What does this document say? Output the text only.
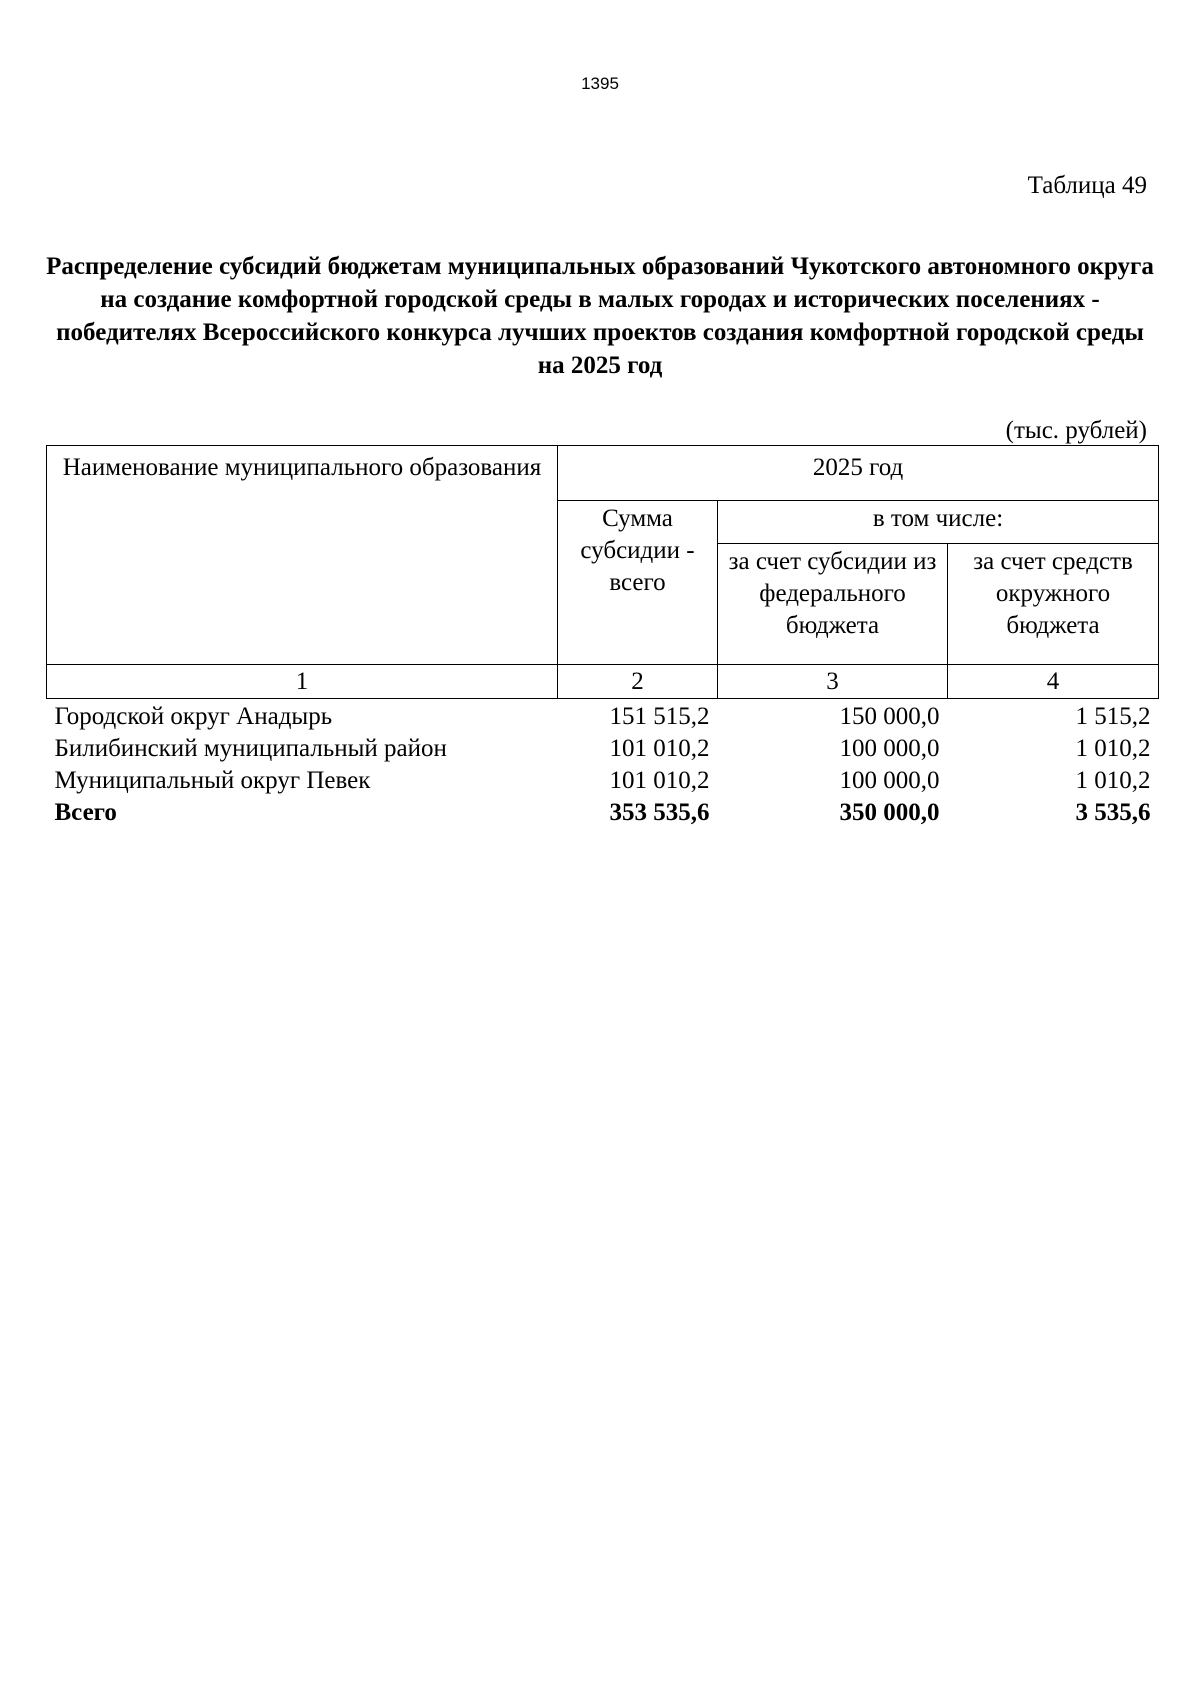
1395
Таблица 49
Распределение субсидий бюджетам муниципальных образований Чукотского автономного округа на создание комфортной городской среды в малых городах и исторических поселениях - победителях Всероссийского конкурса лучших проектов создания комфортной городской среды на 2025 год
(тыс. рублей)
Наименование муниципального образования	2025 год		
	Сумма субсидии - всего	в том числе:	
		за счет субсидии из федерального бюджета	за счет средств окружного бюджета
1	2	3	4
Городской округ Анадырь	151 515,2	150 000,0	1 515,2
Билибинский муниципальный район	101 010,2	100 000,0	1 010,2
Муниципальный округ Певек	101 010,2	100 000,0	1 010,2
Всего	353 535,6	350 000,0	3 535,6
